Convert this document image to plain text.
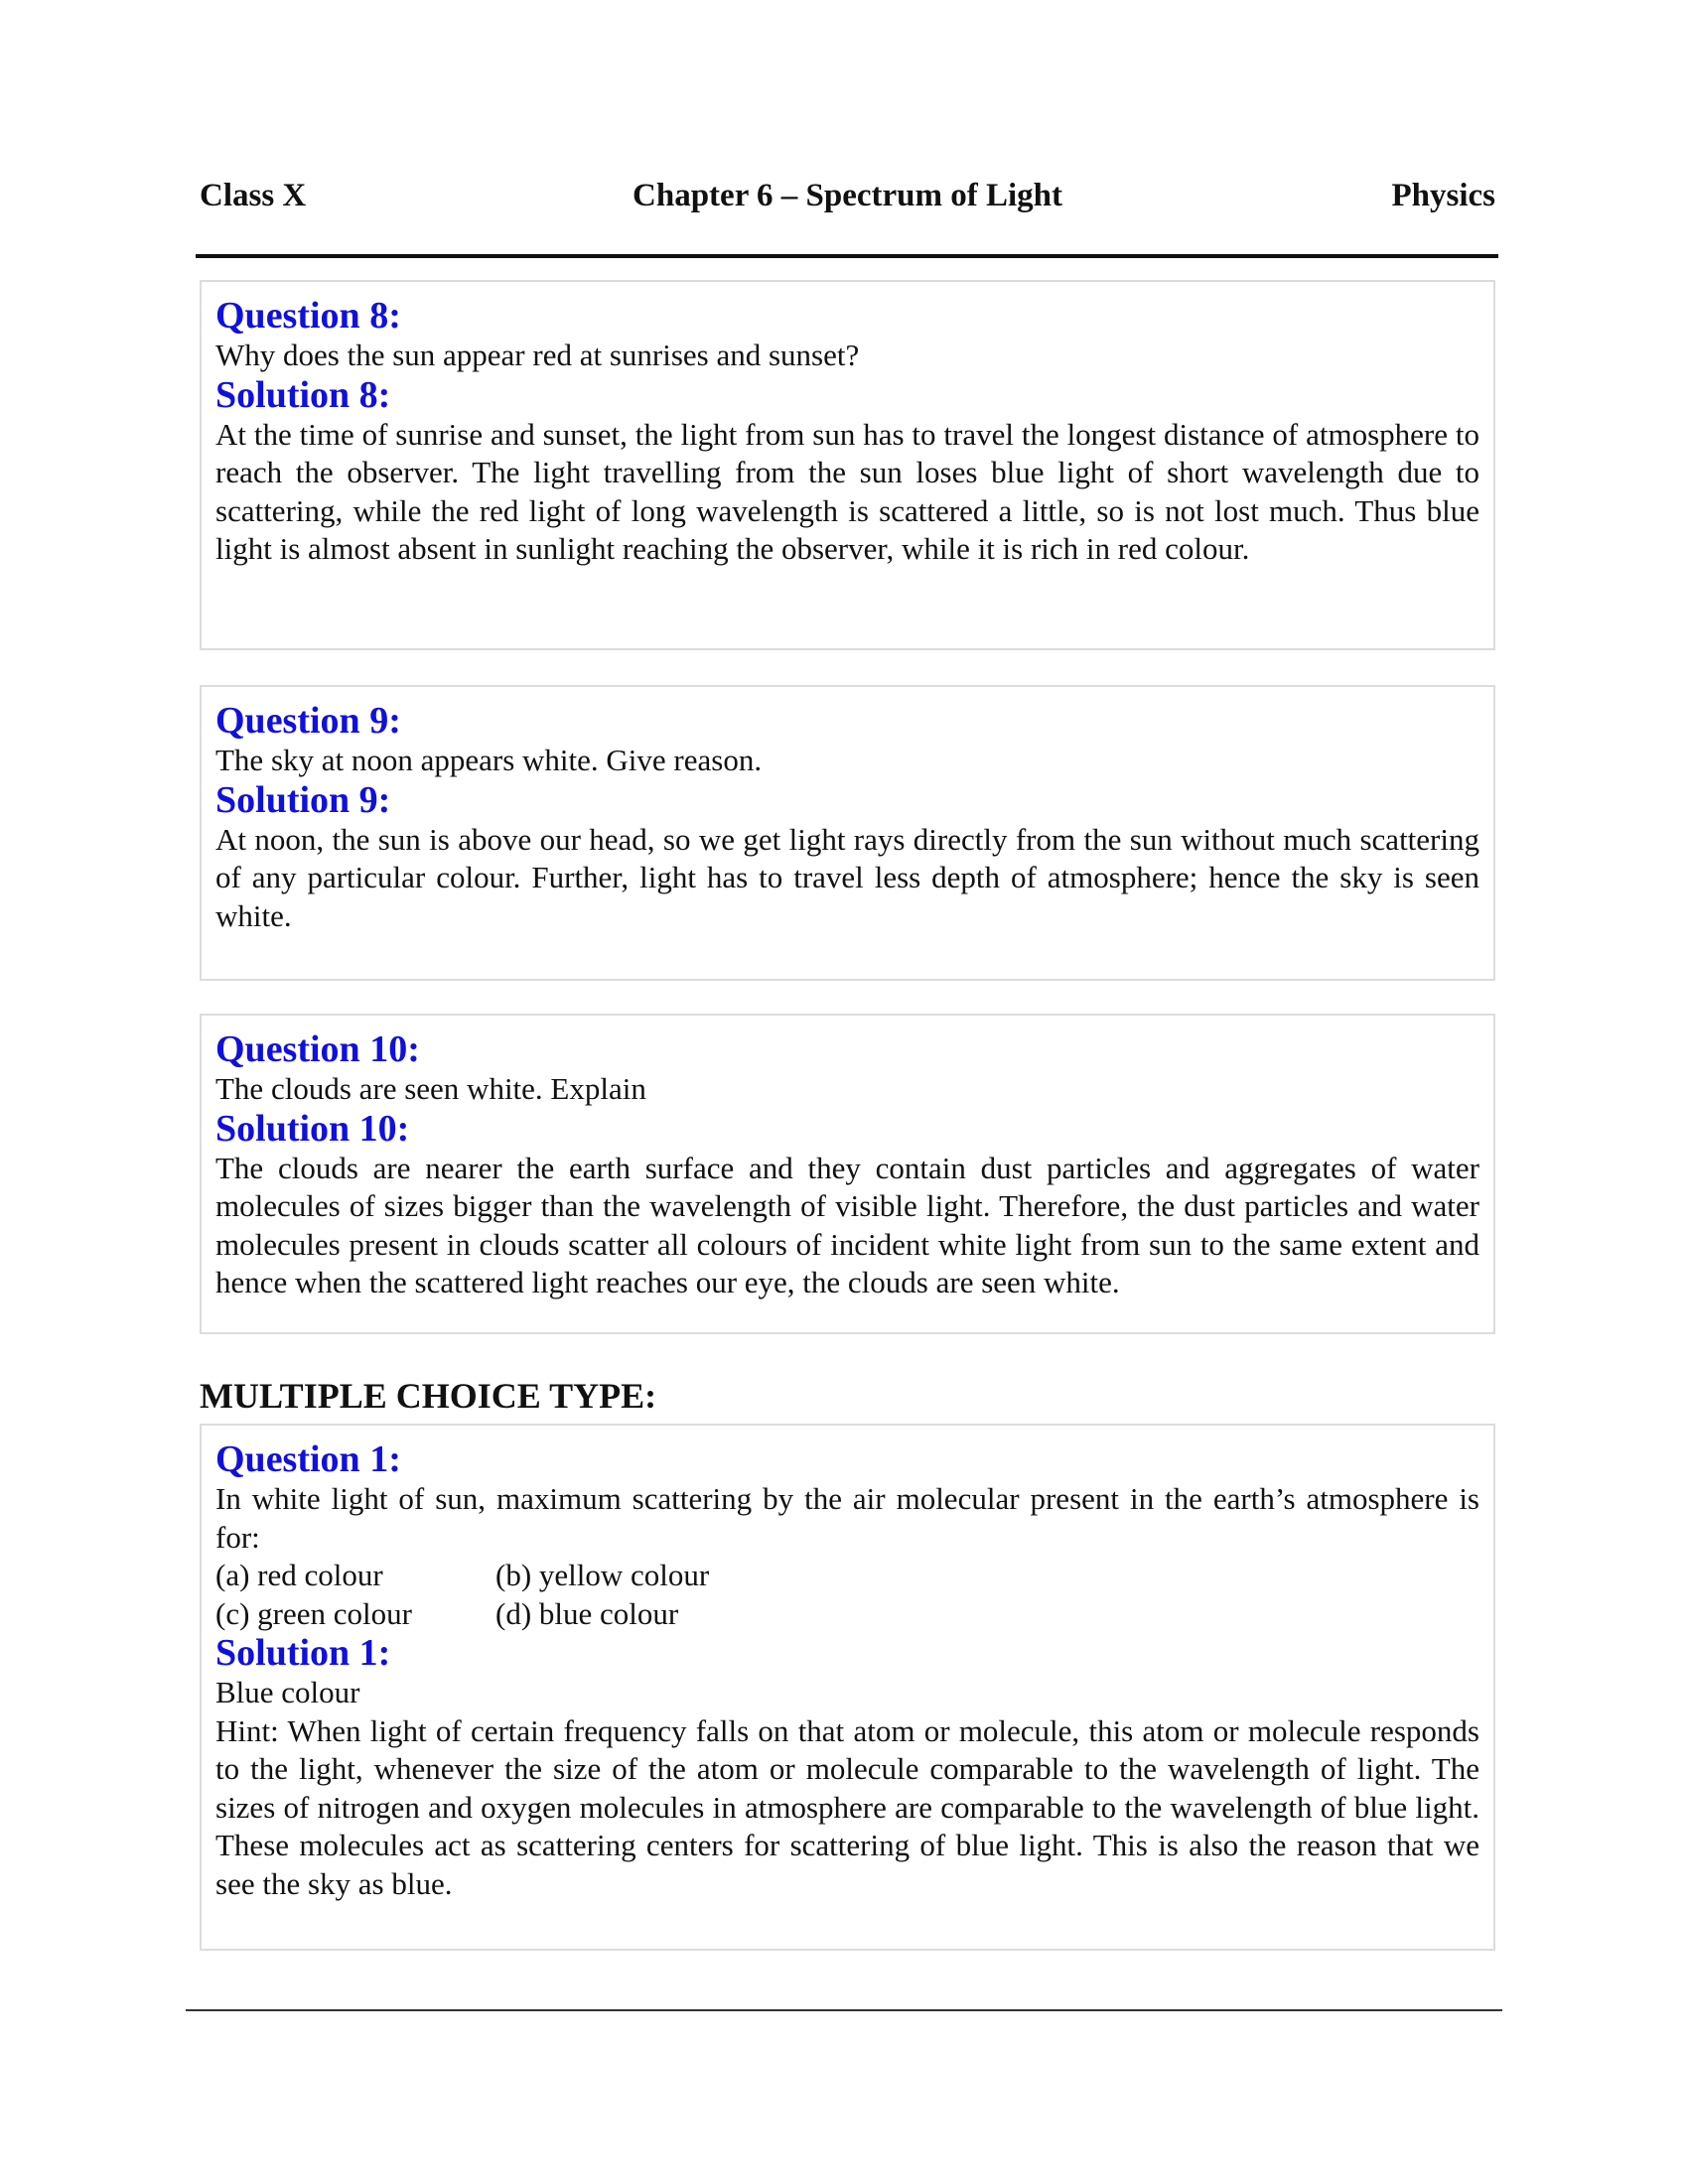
Class X	Chapter 6 – Spectrum of Light	Physics
Question 8:
Why does the sun appear red at sunrises and sunset?
Solution 8:
At the time of sunrise and sunset, the light from sun has to travel the longest distance of atmosphere to reach the observer. The light travelling from the sun loses blue light of short wavelength due to scattering, while the red light of long wavelength is scattered a little, so is not lost much. Thus blue light is almost absent in sunlight reaching the observer, while it is rich in red colour.
Question 9:
The sky at noon appears white. Give reason.
Solution 9:
At noon, the sun is above our head, so we get light rays directly from the sun without much scattering of any particular colour. Further, light has to travel less depth of atmosphere; hence the sky is seen white.
Question 10:
The clouds are seen white. Explain
Solution 10:
The clouds are nearer the earth surface and they contain dust particles and aggregates of water molecules of sizes bigger than the wavelength of visible light. Therefore, the dust particles and water molecules present in clouds scatter all colours of incident white light from sun to the same extent and hence when the scattered light reaches our eye, the clouds are seen white.
MULTIPLE CHOICE TYPE:
Question 1:
In white light of sun, maximum scattering by the air molecular present in the earth’s atmosphere is for:
(a) red colour	(b) yellow colour
(c) green colour	(d) blue colour
Solution 1:
Blue colour
Hint: When light of certain frequency falls on that atom or molecule, this atom or molecule responds to the light, whenever the size of the atom or molecule comparable to the wavelength of light. The sizes of nitrogen and oxygen molecules in atmosphere are comparable to the wavelength of blue light. These molecules act as scattering centers for scattering of blue light. This is also the reason that we see the sky as blue.
